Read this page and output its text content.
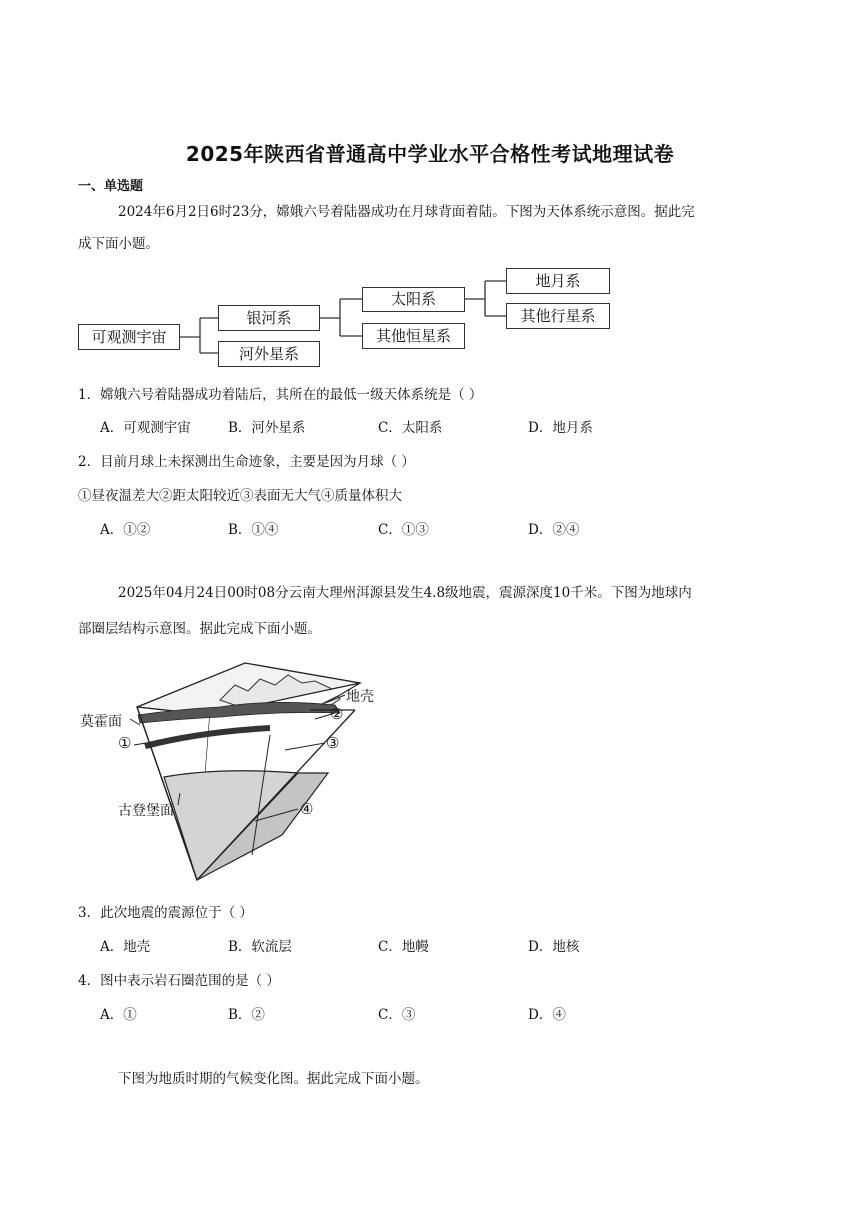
2025年陕西省普通高中学业水平合格性考试地理试卷
一、单选题
2024年6月2日6时23分，嫦娥六号着陆器成功在月球背面着陆。下图为天体系统示意图。据此完
成下面小题。
可观测宇宙
银河系
河外星系
太阳系
其他恒星系
地月系
其他行星系
1．嫦娥六号着陆器成功着陆后，其所在的最低一级天体系统是（ ）
A．可观测宇宙	B．河外星系	C．太阳系	D．地月系
2．目前月球上未探测出生命迹象，主要是因为月球（ ）
①昼夜温差大②距太阳较近③表面无大气④质量体积大
A．①②	B．①④	C．①③	D．②④
2025年04月24日00时08分云南大理州洱源县发生4.8级地震，震源深度10千米。下图为地球内
部圈层结构示意图。据此完成下面小题。
地壳
②
莫霍面
①	③
古登堡面	④
3．此次地震的震源位于（ ）
A．地壳	B．软流层	C．地幔	D．地核
4．图中表示岩石圈范围的是（ ）
A．①	B．②	C．③	D．④
下图为地质时期的气候变化图。据此完成下面小题。
